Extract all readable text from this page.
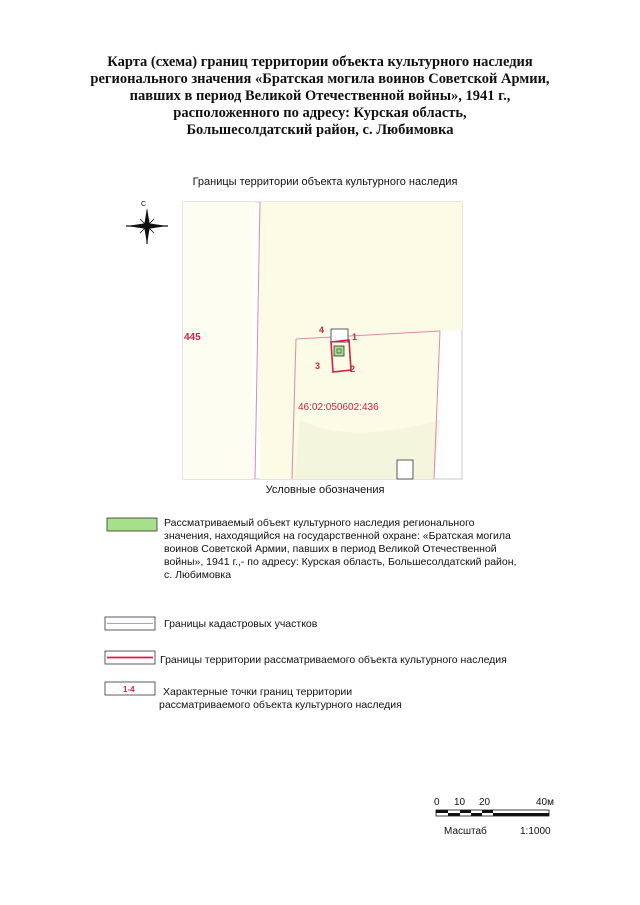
Карта (схема) границ территории объекта культурного наследия
регионального значения «Братская могила воинов Советской Армии,
павших в период Великой Отечественной войны», 1941 г.,
расположенного по адресу: Курская область,
Большесолдатский район, с. Любимовка
Границы территории объекта культурного наследия
4
1
2
3
445
46:02:050602:436
С
1-4
Условные обозначения
Рассматриваемый объект культурного наследия регионального
значения, находящийся на государственной охране: «Братская могила
воинов Советской Армии, павших в период Великой Отечественной
войны», 1941 г.,- по адресу: Курская область, Большесолдатский район,
с. Любимовка
Границы кадастровых участков
Границы территории рассматриваемого объекта культурного наследия
Характерные точки границ территории
рассматриваемого объекта культурного наследия
0 10 20	40м
Масштаб	1:1000
